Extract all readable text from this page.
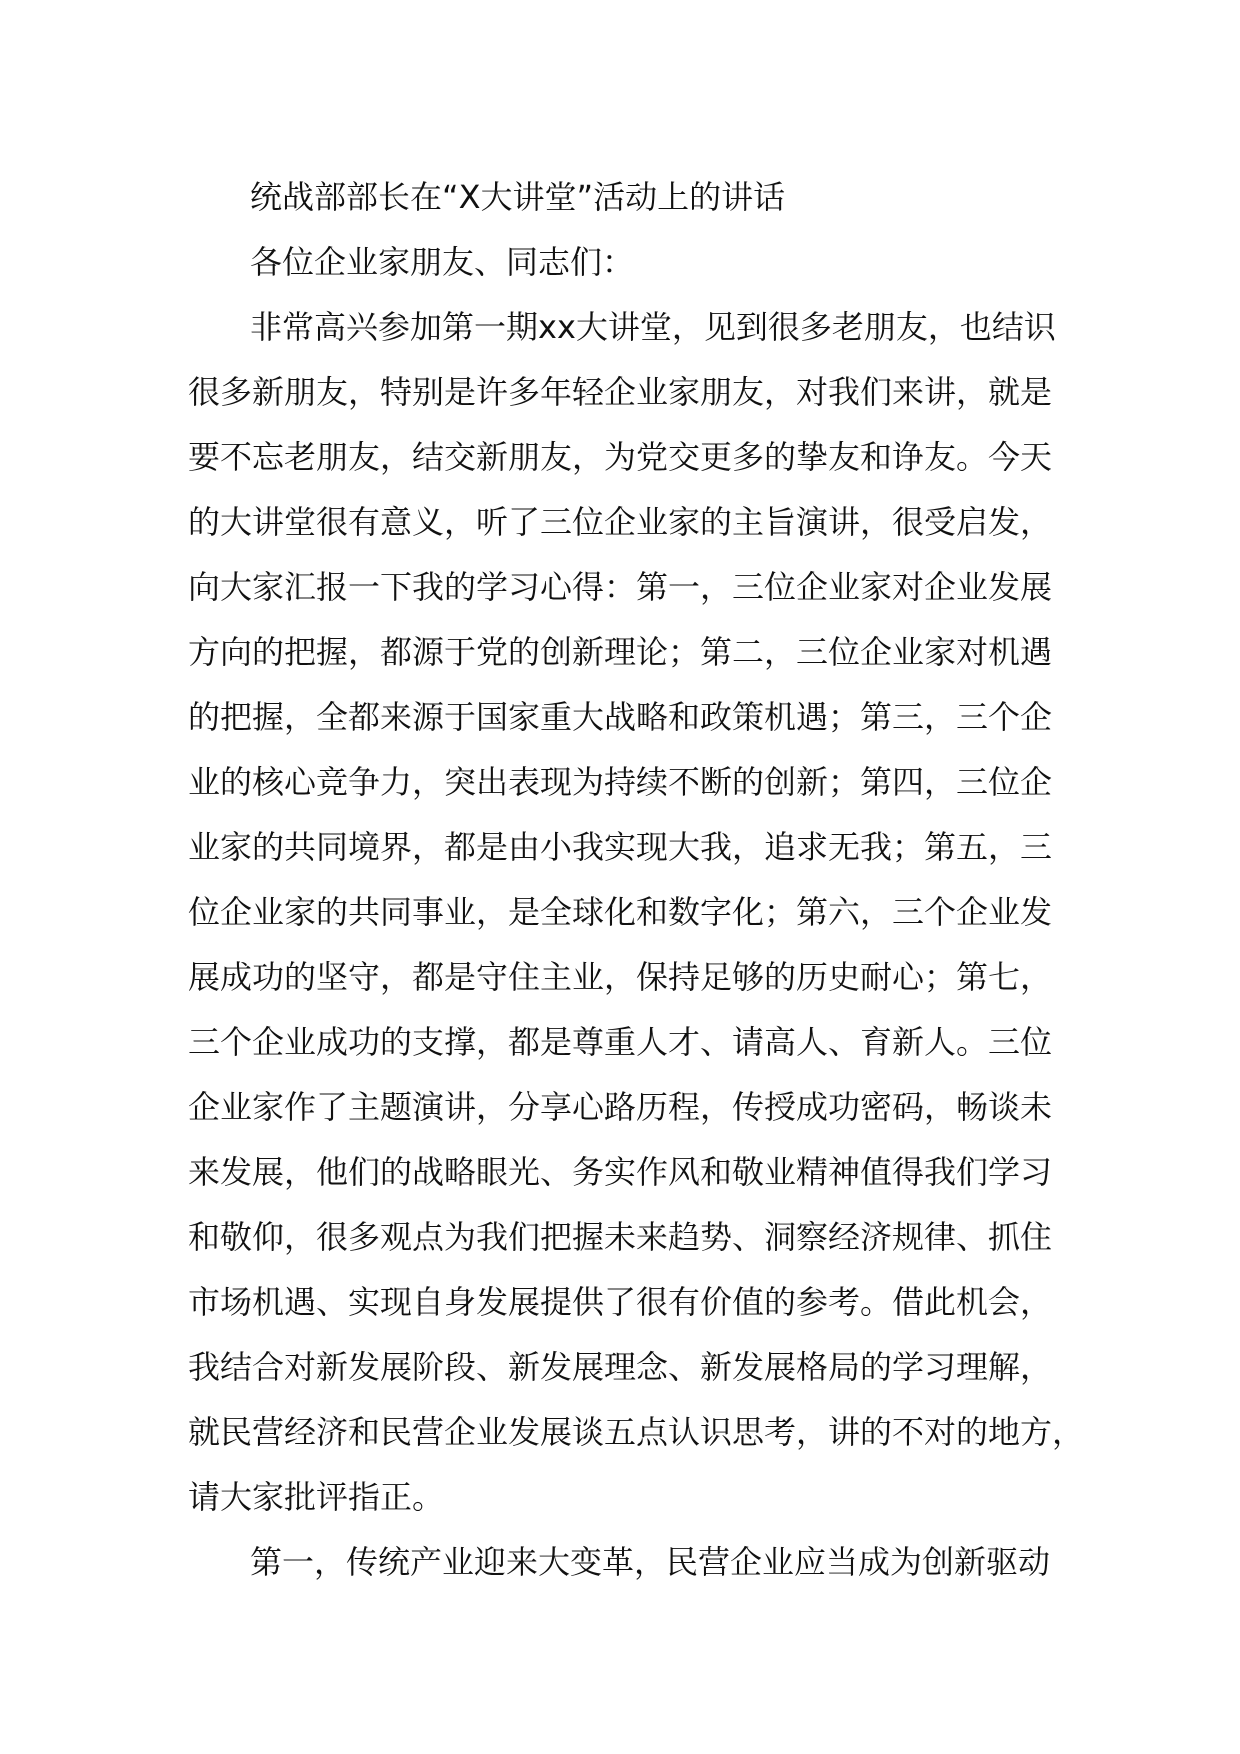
统战部部长在“X大讲堂”活动上的讲话
各位企业家朋友、同志们：
非常高兴参加第一期xx大讲堂，见到很多老朋友，也结识
很多新朋友，特别是许多年轻企业家朋友，对我们来讲，就是
要不忘老朋友，结交新朋友，为党交更多的挚友和诤友。今天
的大讲堂很有意义，听了三位企业家的主旨演讲，很受启发，
向大家汇报一下我的学习心得：第一，三位企业家对企业发展
方向的把握，都源于党的创新理论；第二，三位企业家对机遇
的把握，全都来源于国家重大战略和政策机遇；第三，三个企
业的核心竞争力，突出表现为持续不断的创新；第四，三位企
业家的共同境界，都是由小我实现大我，追求无我；第五，三
位企业家的共同事业，是全球化和数字化；第六，三个企业发
展成功的坚守，都是守住主业，保持足够的历史耐心；第七，
三个企业成功的支撑，都是尊重人才、请高人、育新人。三位
企业家作了主题演讲，分享心路历程，传授成功密码，畅谈未
来发展，他们的战略眼光、务实作风和敬业精神值得我们学习
和敬仰，很多观点为我们把握未来趋势、洞察经济规律、抓住
市场机遇、实现自身发展提供了很有价值的参考。借此机会，
我结合对新发展阶段、新发展理念、新发展格局的学习理解，
就民营经济和民营企业发展谈五点认识思考，讲的不对的地方，
请大家批评指正。
第一，传统产业迎来大变革，民营企业应当成为创新驱动
